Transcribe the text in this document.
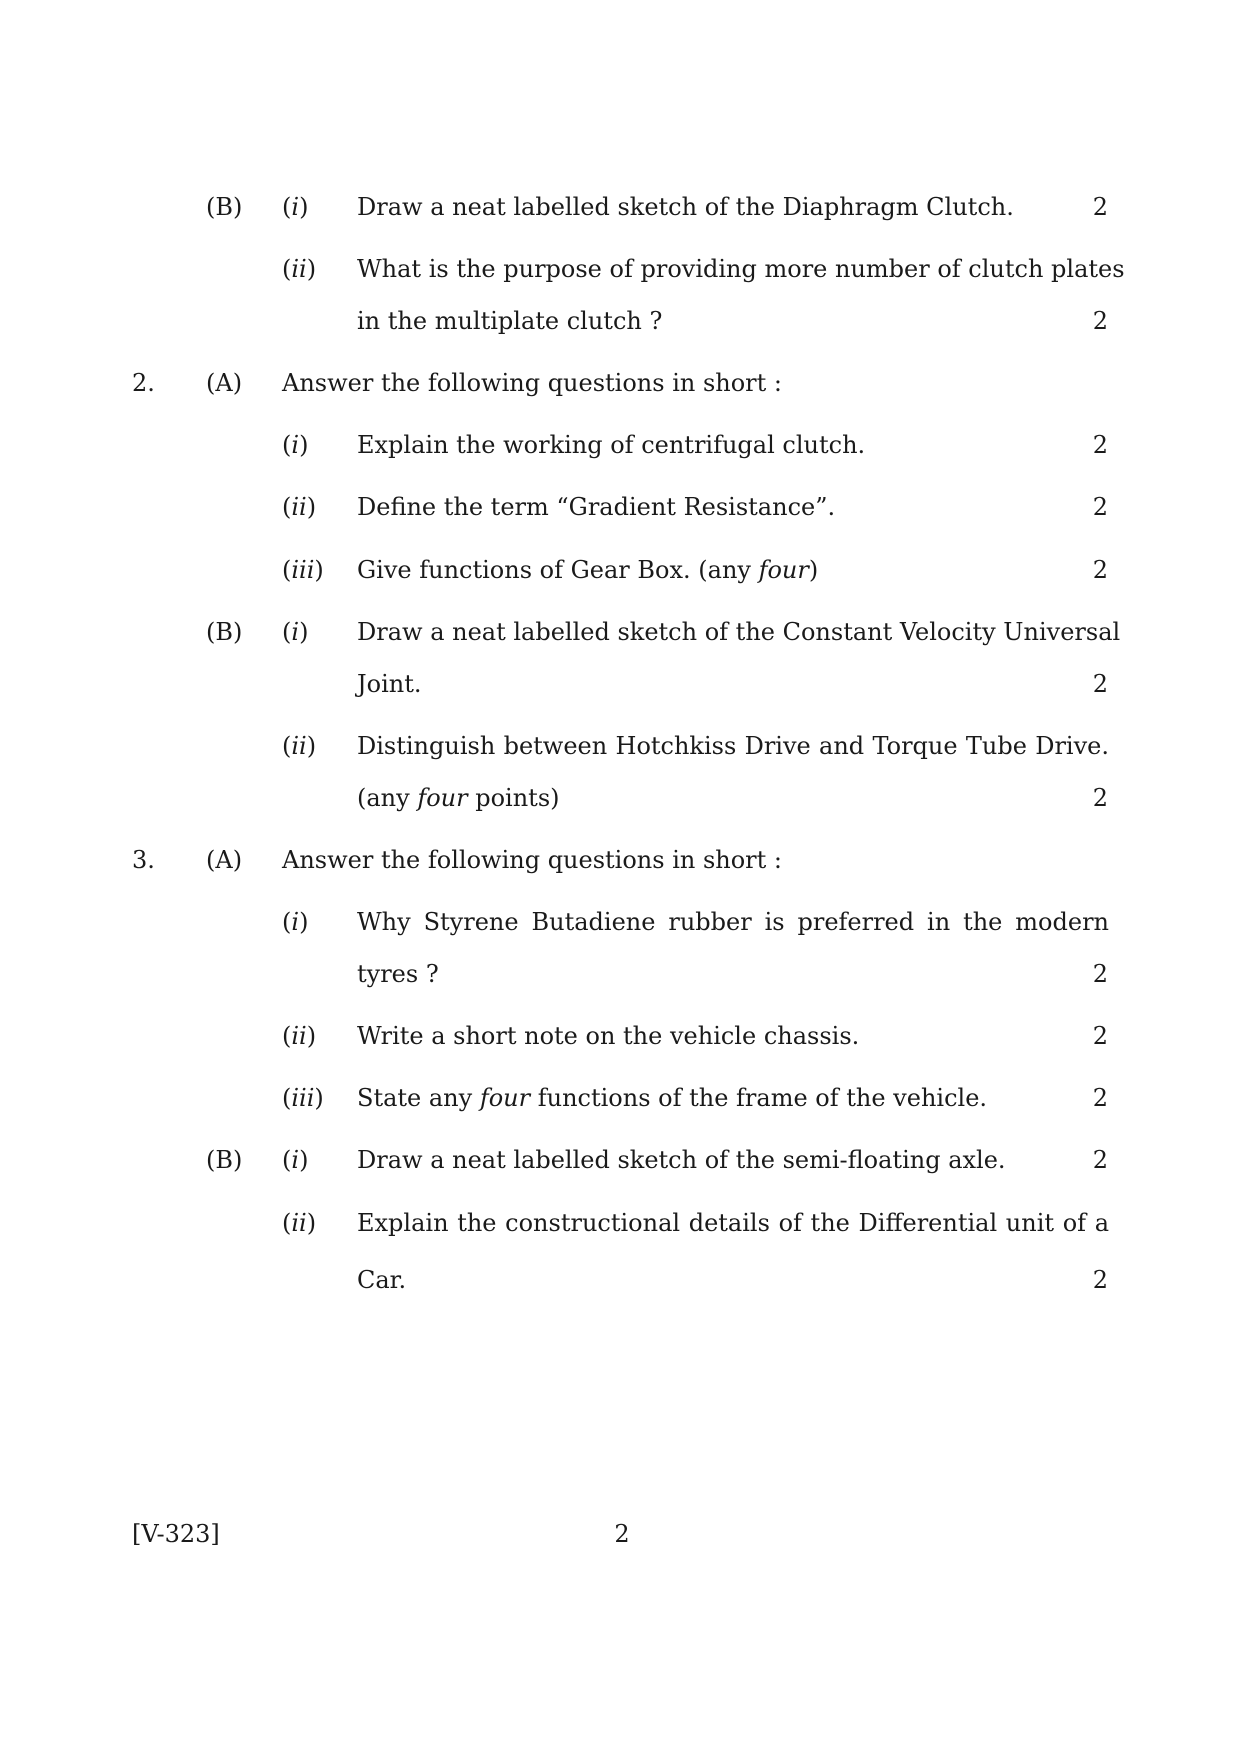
(B) (i) Draw a neat labelled sketch of the Diaphragm Clutch.	2
(ii) What is the purpose of providing more number of clutch plates
in the multiplate clutch ?	2
2. (A) Answer the following questions in short :
(i) Explain the working of centrifugal clutch.	2
(ii) Define the term “Gradient Resistance”.	2
(iii) Give functions of Gear Box. (any four)	2
(B) (i) Draw a neat labelled sketch of the Constant Velocity Universal
Joint.	2
(ii) Distinguish between Hotchkiss Drive and Torque Tube Drive.
(any four points)	2
3. (A) Answer the following questions in short :
(i) Why Styrene Butadiene rubber is preferred in the modern
tyres ?	2
(ii) Write a short note on the vehicle chassis.	2
(iii) State any four functions of the frame of the vehicle.	2
(B) (i) Draw a neat labelled sketch of the semi-floating axle.	2
(ii) Explain the constructional details of the Differential unit of a
Car.	2
[V-323]	2
